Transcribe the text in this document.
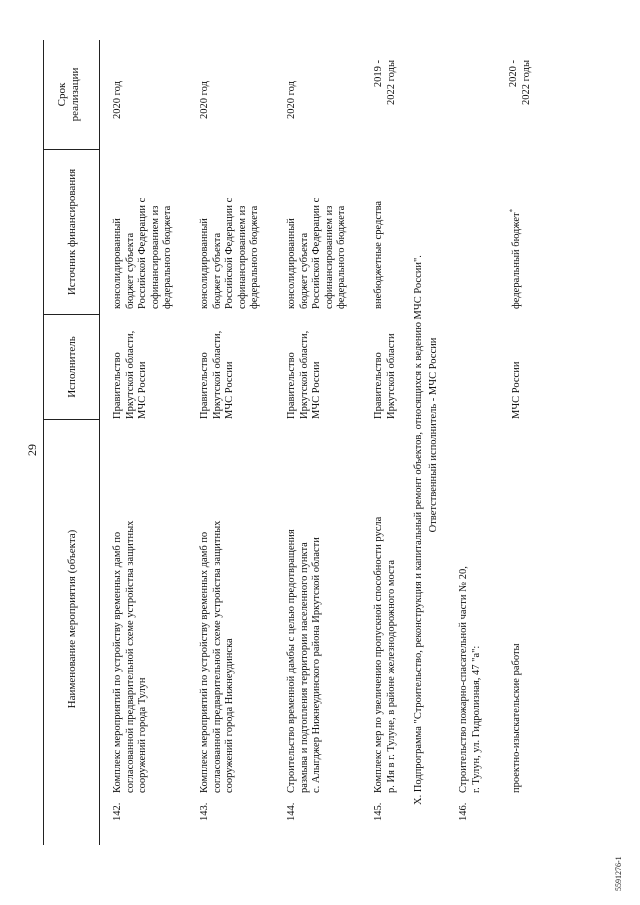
29
Наименование мероприятия (объекта)
Исполнитель
Источник финансирования
Срок
реализации
142.
Комплекс мероприятий по устройству временных дамб по
согласованной предварительной схеме устройства защитных
сооружений города Тулун
Правительство
Иркутской области,
МЧС России
консолидированный
бюджет субъекта
Российской Федерации с
софинансированием из
федерального бюджета
2020 год
143.
Комплекс мероприятий по устройству временных дамб по
согласованной предварительной схеме устройства защитных
сооружений города Нижнеудинска
Правительство
Иркутской области,
МЧС России
консолидированный
бюджет субъекта
Российской Федерации с
софинансированием из
федерального бюджета
2020 год
144.
Строительство временной дамбы с целью предотвращения
размыва и подтопления территории населенного пункта
с. Алыгджер Нижнеудинского района Иркутской области
Правительство
Иркутской области,
МЧС России
консолидированный
бюджет субъекта
Российской Федерации с
софинансированием из
федерального бюджета
2020 год
145.
Комплекс мер по увеличению пропускной способности русла
р. Ия в г. Тулуне, в районе железнодорожного моста
Правительство
Иркутской области
внебюджетные средства
2019 -
2022 годы
X. Подпрограмма "Строительство, реконструкция и капитальный ремонт объектов, относящихся к ведению МЧС России". Ответственный исполнитель - МЧС России
146.
Строительство пожарно-спасательной части № 20,
г. Тулун, ул. Гидролизная, 47 "а":	проектно-изыскательские работы
МЧС России
федеральный бюджет*
2020 -
2022 годы
5591276-1
